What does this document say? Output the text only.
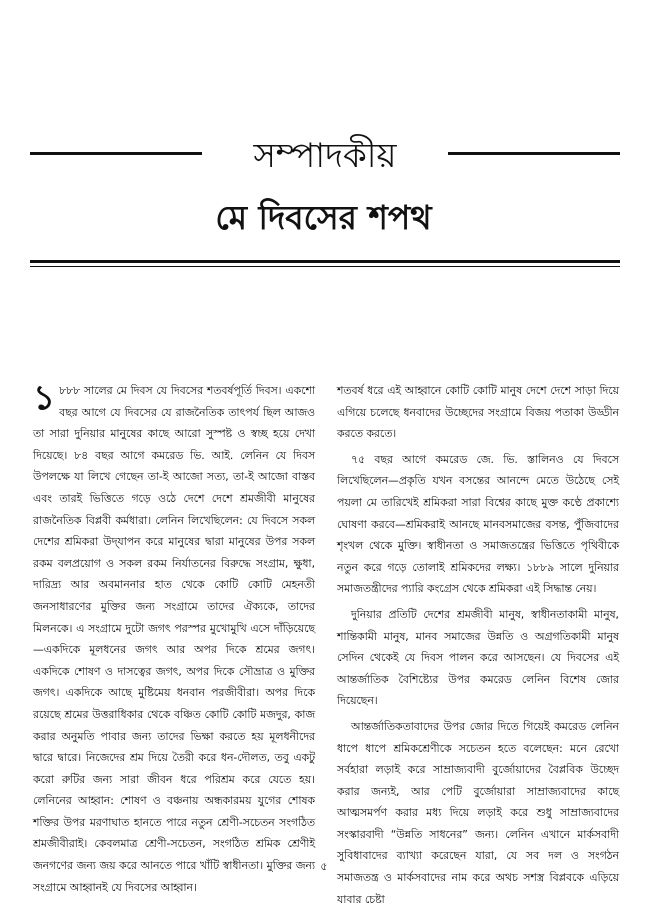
সম্পাদকীয়
মে দিবসের শপথ

১ ৮৮৮ সালের মে দিবস যে দিবসের শতবর্ষপূর্তি দিবস। একশো বছর আগে যে দিবসের যে রাজনৈতিক তাৎপর্য ছিল আজও তা সারা দুনিয়ার মানুষের কাছে আরো সুস্পষ্ট ও স্বচ্ছ হয়ে দেখা দিয়েছে। ৮৪ বছর আগে কমরেড ভি. আই. লেনিন যে দিবস উপলক্ষে যা লিখে গেছেন তা-ই আজো সত্য, তা-ই আজো বাস্তব এবং তারই ভিত্তিতে গড়ে ওঠে দেশে দেশে শ্রমজীবী মানুষের রাজনৈতিক বিপ্লবী কর্মধারা। লেনিন লিখেছিলেন: যে দিবসে সকল দেশের শ্রমিকরা উদ্‌যাপন করে মানুষের দ্বারা মানুষের উপর সকল রকম বলপ্রয়োগ ও সকল রকম নির্যাতনের বিরুদ্ধে সংগ্রাম, ক্ষুধা, দারিদ্র্য আর অবমাননার হাত থেকে কোটি কোটি মেহনতী জনসাধারণের মুক্তির জন্য সংগ্রামে তাদের ঐক্যকে, তাদের মিলনকে। এ সংগ্রামে দুটো জগৎ পরস্পর মুখোমুখি এসে দাঁড়িয়েছে—একদিকে মূলধনের জগৎ আর অপর দিকে শ্রমের জগৎ। একদিকে শোষণ ও দাসত্বের জগৎ, অপর দিকে সৌভ্রাত্র ও মুক্তির জগৎ। একদিকে আছে মুষ্টিমেয় ধনবান পরজীবীরা। অপর দিকে রয়েছে শ্রমের উত্তরাধিকার থেকে বঞ্চিত কোটি কোটি মজদুর, কাজ করার অনুমতি পাবার জন্য তাদের ভিক্ষা করতে হয় মূলধনীদের দ্বারে দ্বারে। নিজেদের শ্রম দিয়ে তৈরী করে ধন-দৌলত, তবু একটু করো রুটির জন্য সারা জীবন ধরে পরিশ্রম করে যেতে হয়। লেনিনের আহ্বান: শোষণ ও বঞ্চনায় অন্ধকারময় যুগের শোষক শক্তির উপর মরণাঘাত হানতে পারে নতুন শ্রেণী-সচেতন সংগঠিত শ্রমজীবীরাই। কেবলমাত্র শ্রেণী-সচেতন, সংগঠিত শ্রমিক শ্রেণীই জনগণের জন্য জয় করে আনতে পারে খাঁটি স্বাধীনতা। মুক্তির জন্য সংগ্রামে আহ্বানই যে দিবসের আহ্বান।

শতবর্ষ ধরে এই আহ্বানে কোটি কোটি মানুষ দেশে দেশে সাড়া দিয়ে এগিয়ে চলেছে ধনবাদের উচ্ছেদের সংগ্রামে বিজয় পতাকা উড্ডীন করতে করতে।

৭৫ বছর আগে কমরেড জে. ভি. স্তালিনও যে দিবসে লিখেছিলেন—প্রকৃতি যখন বসন্তের আনন্দে মেতে উঠেছে সেই পয়লা মে তারিখেই শ্রমিকরা সারা বিশ্বের কাছে মুক্ত কণ্ঠে প্রকাশ্যে ঘোষণা করবে—শ্রমিকরাই আনছে মানবসমাজের বসন্ত, পুঁজিবাদের শৃংখল থেকে মুক্তি। স্বাধীনতা ও সমাজতন্ত্রের ভিত্তিতে পৃথিবীকে নতুন করে গড়ে তোলাই শ্রমিকদের লক্ষ্য। ১৮৮৯ সালে দুনিয়ার সমাজতন্ত্রীদের প্যারি কংগ্রেস থেকে শ্রমিকরা এই সিদ্ধান্ত নেয়।

দুনিয়ার প্রতিটি দেশের শ্রমজীবী মানুষ, স্বাধীনতাকামী মানুষ, শান্তিকামী মানুষ, মানব সমাজের উন্নতি ও অগ্রগতিকামী মানুষ সেদিন থেকেই যে দিবস পালন করে আসছেন। যে দিবসের এই আন্তর্জাতিক বৈশিষ্ট্যের উপর কমরেড লেনিন বিশেষ জোর দিয়েছেন।

আন্তর্জাতিকতাবাদের উপর জোর দিতে গিয়েই কমরেড লেনিন ধাপে ধাপে শ্রমিকশ্রেণীকে সচেতন হতে বলেছেন: মনে রেখো সর্বহারা লড়াই করে সাম্রাজ্যবাদী বুর্জোয়াদের বৈপ্লবিক উচ্ছেদ করার জন্যই, আর পেটি বুর্জোয়ারা সাম্রাজ্যবাদের কাছে আত্মসমর্পণ করার মধ্য দিয়ে লড়াই করে শুধু সাম্রাজ্যবাদের সংস্কারবাদী “উন্নতি সাধনের” জন্য। লেনিন এখানে মার্কসবাদী সুবিধাবাদের ব্যাখ্যা করেছেন যারা, যে সব দল ও সংগঠন সমাজতন্ত্র ও মার্কসবাদের নাম করে অথচ সশস্ত্র বিপ্লবকে এড়িয়ে যাবার চেষ্টা

৫
